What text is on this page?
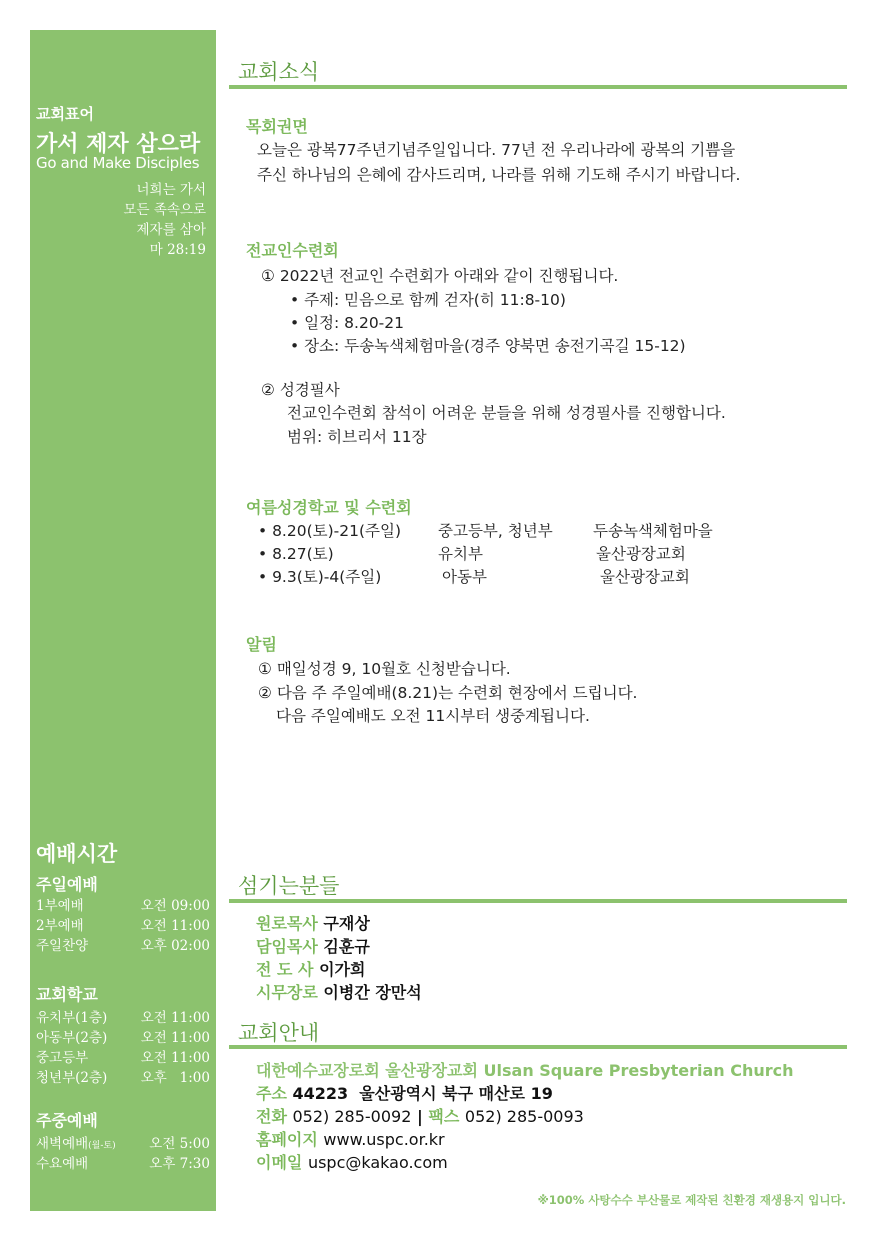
교회표어
가서 제자 삼으라
Go and Make Disciples
너희는 가서
모든 족속으로
제자를 삼아
마 28:19
예배시간
주일예배
1부예배	오전 09:00
2부예배	오전 11:00
주일찬양	오후 02:00
교회학교
유치부(1층) 오전 11:00
아동부(2층) 오전 11:00
중고등부	오전 11:00
청년부(2층) 오후   1:00
주중예배
새벽예배(월-토) 오전 5:00
수요예배	오후 7:30
교회소식
목회권면
오늘은 광복77주년기념주일입니다. 77년 전 우리나라에 광복의 기쁨을
주신 하나님의 은혜에 감사드리며, 나라를 위해 기도해 주시기 바랍니다.
전교인수련회
① 2022년 전교인 수련회가 아래와 같이 진행됩니다.
• 주제: 믿음으로 함께 걷자(히 11:8-10)
• 일정: 8.20-21
• 장소: 두송녹색체험마을(경주 양북면 송전기곡길 15-12)
② 성경필사
전교인수련회 참석이 어려운 분들을 위해 성경필사를 진행합니다.
범위: 히브리서 11장
여름성경학교 및 수련회
• 8.20(토)-21(주일) 중고등부, 청년부	두송녹색체험마을
• 8.27(토)	유치부	울산광장교회
• 9.3(토)-4(주일)	아동부	울산광장교회
알림
① 매일성경 9, 10월호 신청받습니다.
② 다음 주 주일예배(8.21)는 수련회 현장에서 드립니다.
다음 주일예배도 오전 11시부터 생중계됩니다.
섬기는분들
원로목사 구재상
담임목사 김훈규
전 도 사 이가희
시무장로 이병간 장만석
교회안내
대한예수교장로회 울산광장교회 Ulsan Square Presbyterian Church
주소 44223  울산광역시 북구 매산로 19
전화 052) 285-0092 | 팩스 052) 285-0093
홈페이지 www.uspc.or.kr
이메일 uspc@kakao.com
※100% 사탕수수 부산물로 제작된 친환경 재생용지 입니다.
